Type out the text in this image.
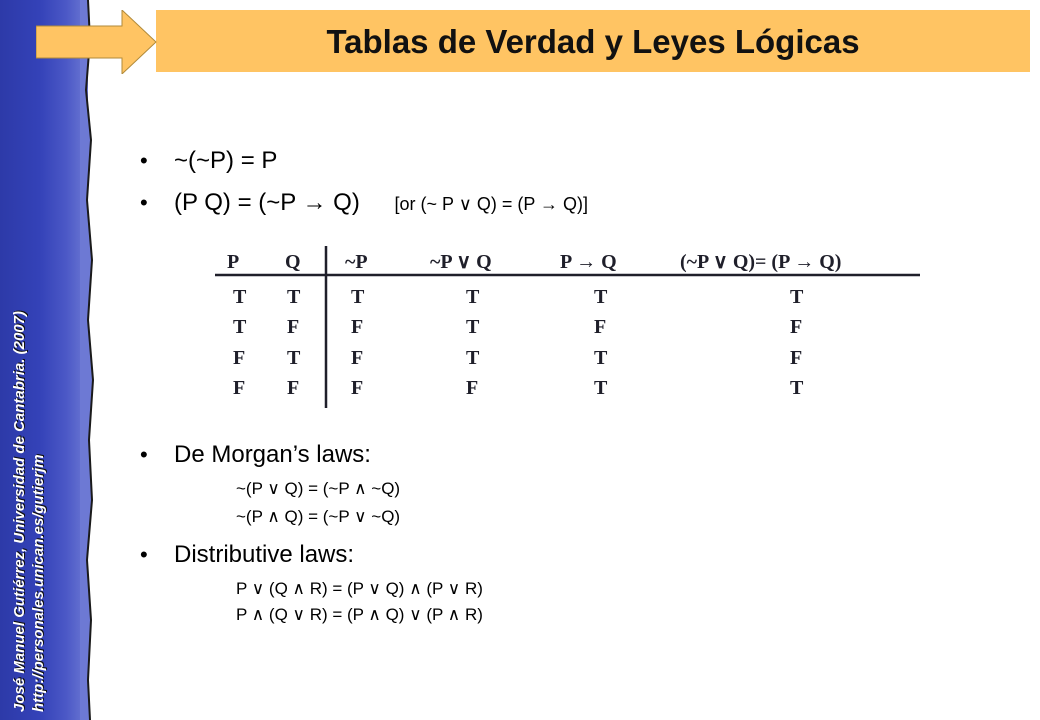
José Manuel Gutiérrez, Universidad de Cantabria. (2007) http://personales.unican.es/gutierjm
Tablas de Verdad y Leyes Lógicas
• ~(~P) = P
• (P Q) = (~P → Q) [or (~ P ∨ Q) = (P → Q)]
P Q ~P	~P ∨ Q	P → Q	(~P ∨ Q)= (P → Q)
T T	T	T	T	T
T F	F	T	F	F
F T	F	T	T	F
F F	F	F	T	T
• De Morgan’s laws:
~(P ∨ Q) = (~P ∧ ~Q)
~(P ∧ Q) = (~P ∨ ~Q)
• Distributive laws:
P ∨ (Q ∧ R) = (P ∨ Q) ∧ (P ∨ R)
P ∧ (Q ∨ R) = (P ∧ Q) ∨ (P ∧ R)
